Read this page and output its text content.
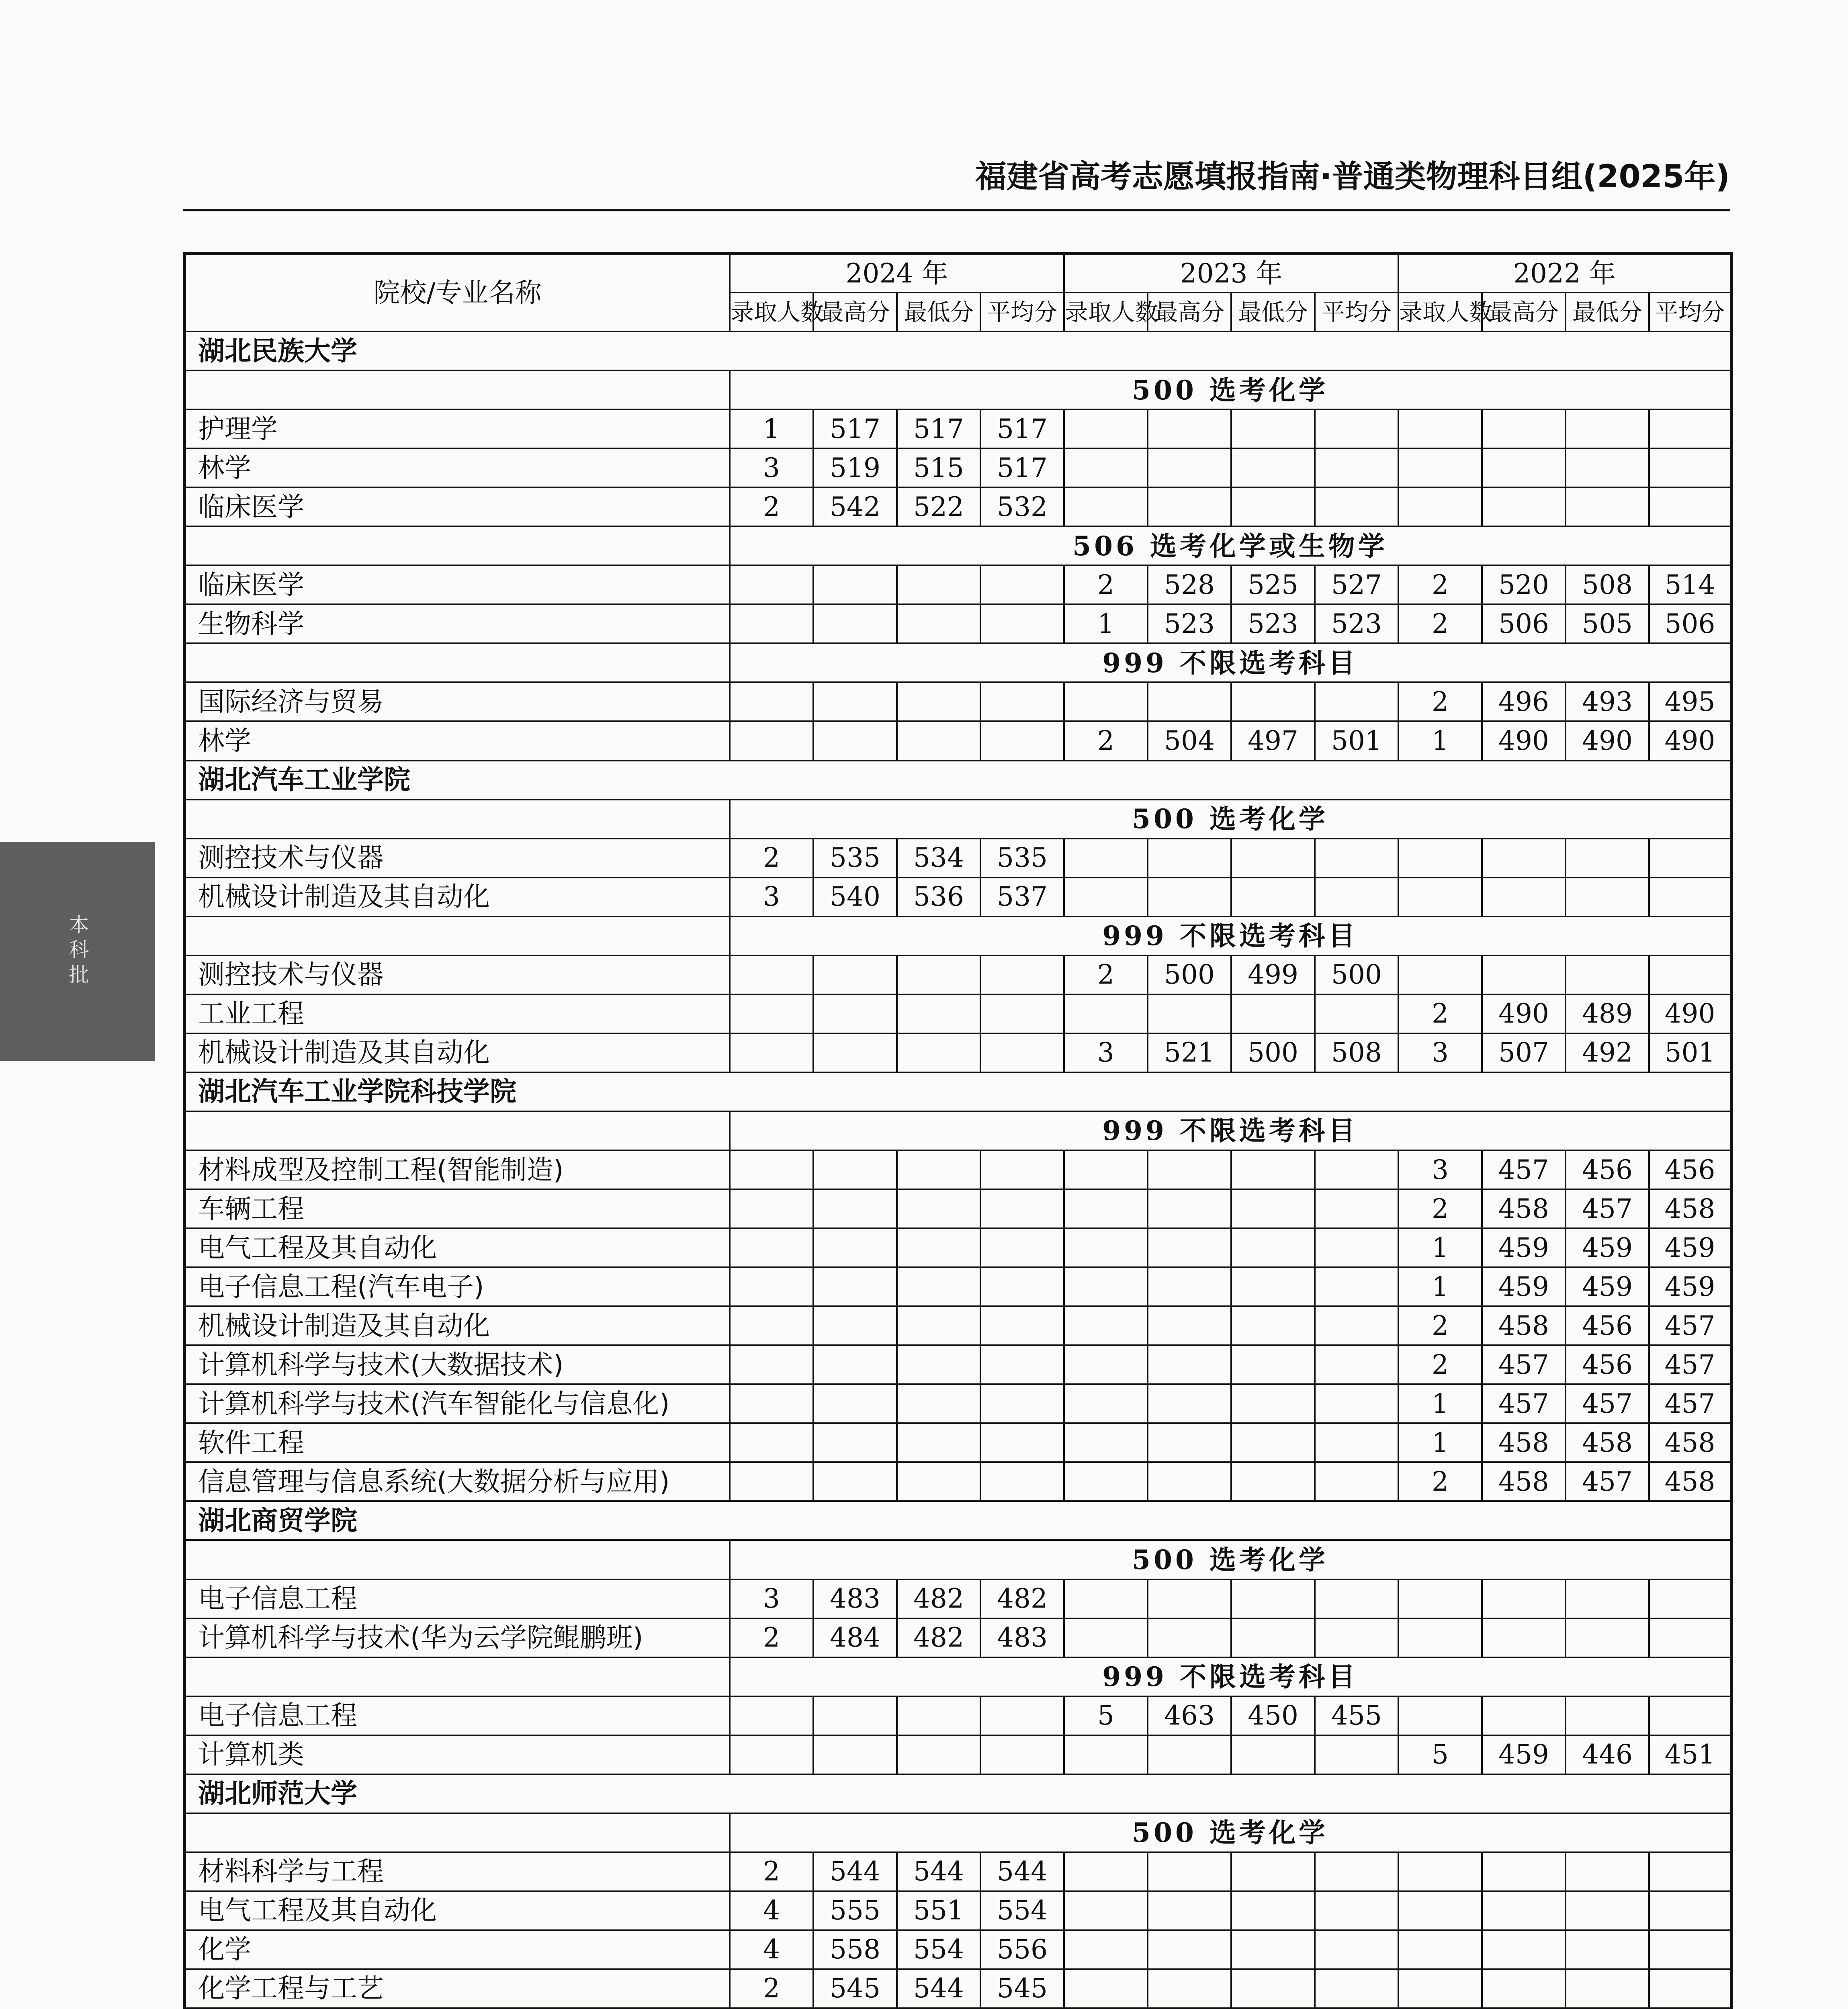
福建省高考志愿填报指南·普通类物理科目组(2025年)
本科批
院校/专业名称	2024 年				2023 年				2022 年			
	录取人数	最高分	最低分	平均分	录取人数	最高分	最低分	平均分	录取人数	最高分	最低分	平均分
湖北民族大学												
	500 选考化学											
护理学	1	517	517	517								
林学	3	519	515	517								
临床医学	2	542	522	532								
	506 选考化学或生物学											
临床医学					2	528	525	527	2	520	508	514
生物科学					1	523	523	523	2	506	505	506
	999 不限选考科目											
国际经济与贸易									2	496	493	495
林学					2	504	497	501	1	490	490	490
湖北汽车工业学院												
	500 选考化学											
测控技术与仪器	2	535	534	535								
机械设计制造及其自动化	3	540	536	537								
	999 不限选考科目											
测控技术与仪器					2	500	499	500				
工业工程									2	490	489	490
机械设计制造及其自动化					3	521	500	508	3	507	492	501
湖北汽车工业学院科技学院												
	999 不限选考科目											
材料成型及控制工程(智能制造)									3	457	456	456
车辆工程									2	458	457	458
电气工程及其自动化									1	459	459	459
电子信息工程(汽车电子)									1	459	459	459
机械设计制造及其自动化									2	458	456	457
计算机科学与技术(大数据技术)									2	457	456	457
计算机科学与技术(汽车智能化与信息化)									1	457	457	457
软件工程									1	458	458	458
信息管理与信息系统(大数据分析与应用)									2	458	457	458
湖北商贸学院												
	500 选考化学											
电子信息工程	3	483	482	482								
计算机科学与技术(华为云学院鲲鹏班)	2	484	482	483								
	999 不限选考科目											
电子信息工程					5	463	450	455				
计算机类									5	459	446	451
湖北师范大学												
	500 选考化学											
材料科学与工程	2	544	544	544								
电气工程及其自动化	4	555	551	554								
化学	4	558	554	556								
化学工程与工艺	2	545	544	545								
